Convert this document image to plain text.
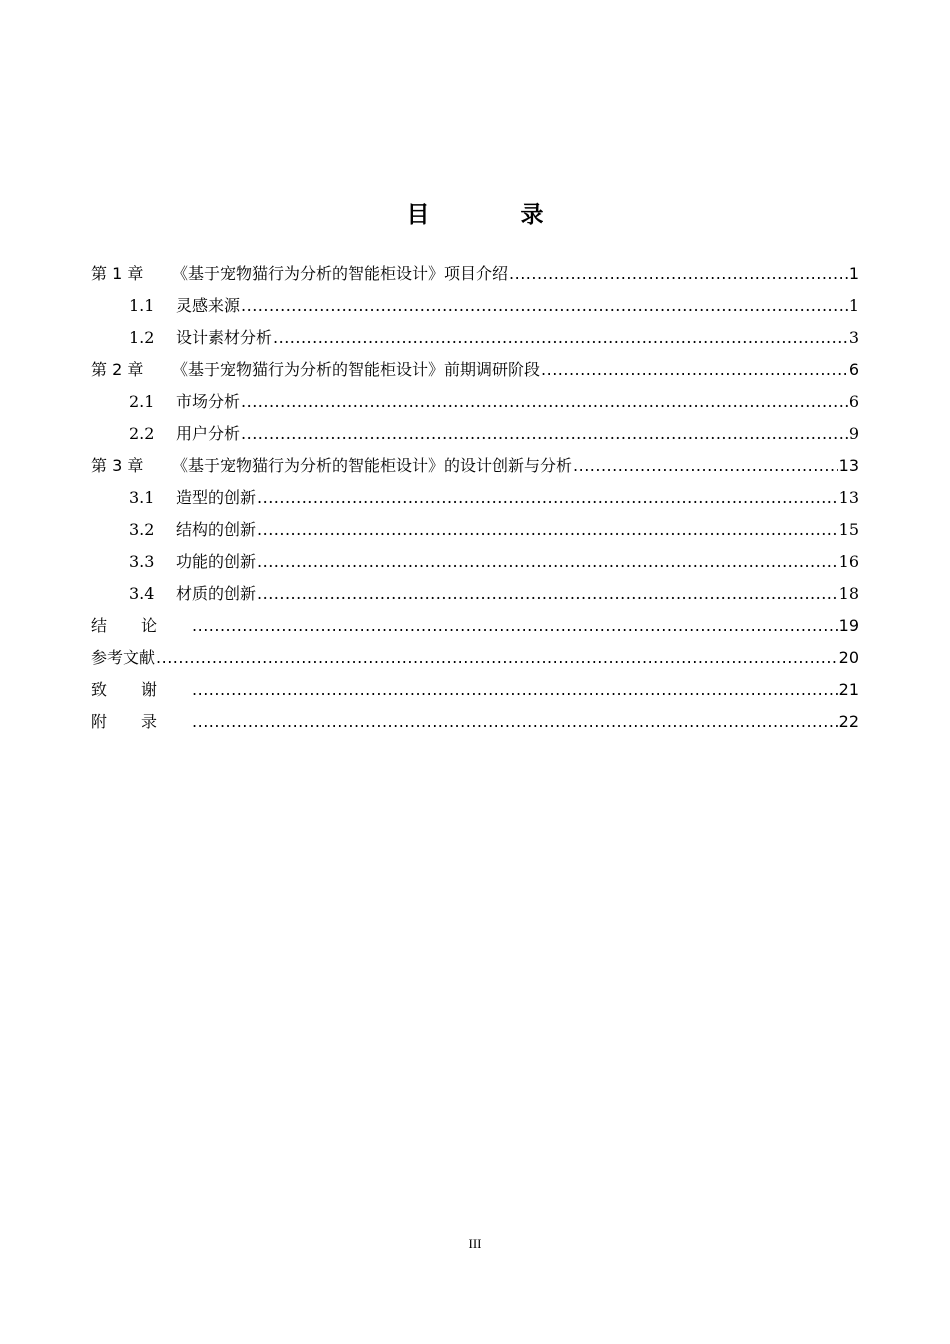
目　录
第 1 章	《基于宠物猫行为分析的智能柜设计》项目介绍 .....	1
1.1	灵感来源 .....	1
1.2	设计素材分析 .....	3
第 2 章	《基于宠物猫行为分析的智能柜设计》前期调研阶段 .....	6
2.1	市场分析 .....	6
2.2	用户分析 .....	9
第 3 章	《基于宠物猫行为分析的智能柜设计》的设计创新与分析 .....	13
3.1	造型的创新 .....	13
3.2	结构的创新 .....	15
3.3	功能的创新 .....	16
3.4	材质的创新 .....	18
结论 .....	19
参考文献 .....	20
致谢 .....	21
附录 .....	22
III
